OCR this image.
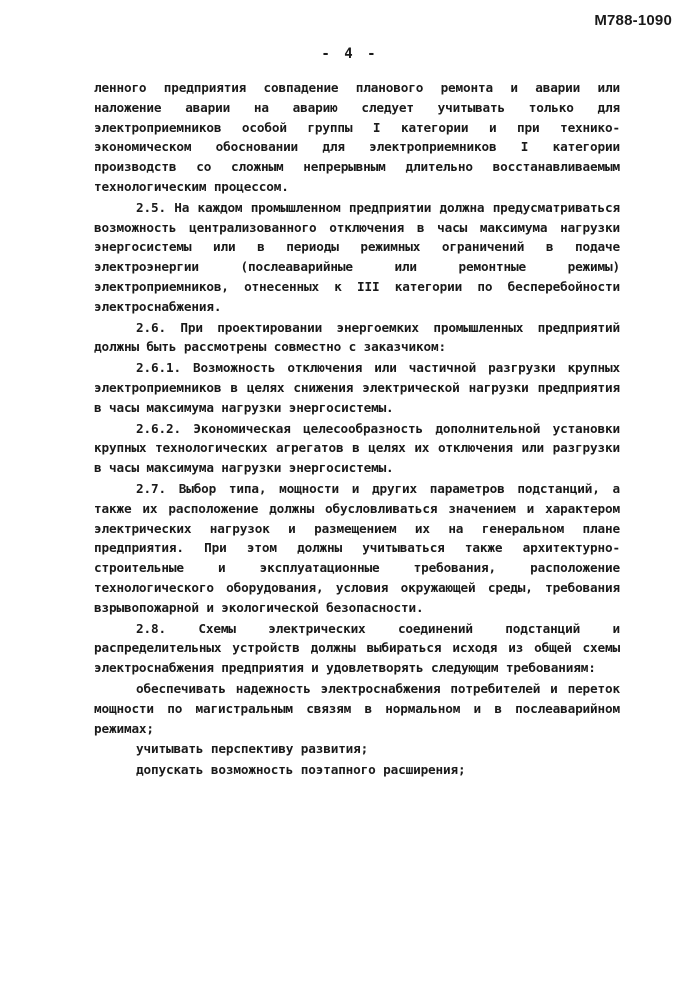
М788-1090
- 4 -

ленного предприятия совпадение планового ремонта и аварии или наложение аварии на аварию следует учитывать только для электроприемников особой группы I категории и при технико-экономическом обосновании для электроприемников I категории производств со сложным непрерывным длительно восстанавливаемым технологическим процессом.

2.5. На каждом промышленном предприятии должна предусматриваться возможность централизованного отключения в часы максимума нагрузки энергосистемы или в периоды режимных ограничений в подаче электроэнергии (послеаварийные или ремонтные режимы) электроприемников, отнесенных к III категории по бесперебойности электроснабжения.

2.6. При проектировании энергоемких промышленных предприятий должны быть рассмотрены совместно с заказчиком:

2.6.1. Возможность отключения или частичной разгрузки крупных электроприемников в целях снижения электрической нагрузки предприятия в часы максимума нагрузки энергосистемы.

2.6.2. Экономическая целесообразность дополнительной установки крупных технологических агрегатов в целях их отключения или разгрузки в часы максимума нагрузки энергосистемы.

2.7. Выбор типа, мощности и других параметров подстанций, а также их расположение должны обусловливаться значением и характером электрических нагрузок и размещением их на генеральном плане предприятия. При этом должны учитываться также архитектурно-строительные и эксплуатационные требования, расположение технологического оборудования, условия окружающей среды, требования взрывопожарной и экологической безопасности.

2.8. Схемы электрических соединений подстанций и распределительных устройств должны выбираться исходя из общей схемы электроснабжения предприятия и удовлетворять следующим требованиям:

обеспечивать надежность электроснабжения потребителей и переток мощности по магистральным связям в нормальном и в послеаварийном режимах;

учитывать перспективу развития;

допускать возможность поэтапного расширения;
